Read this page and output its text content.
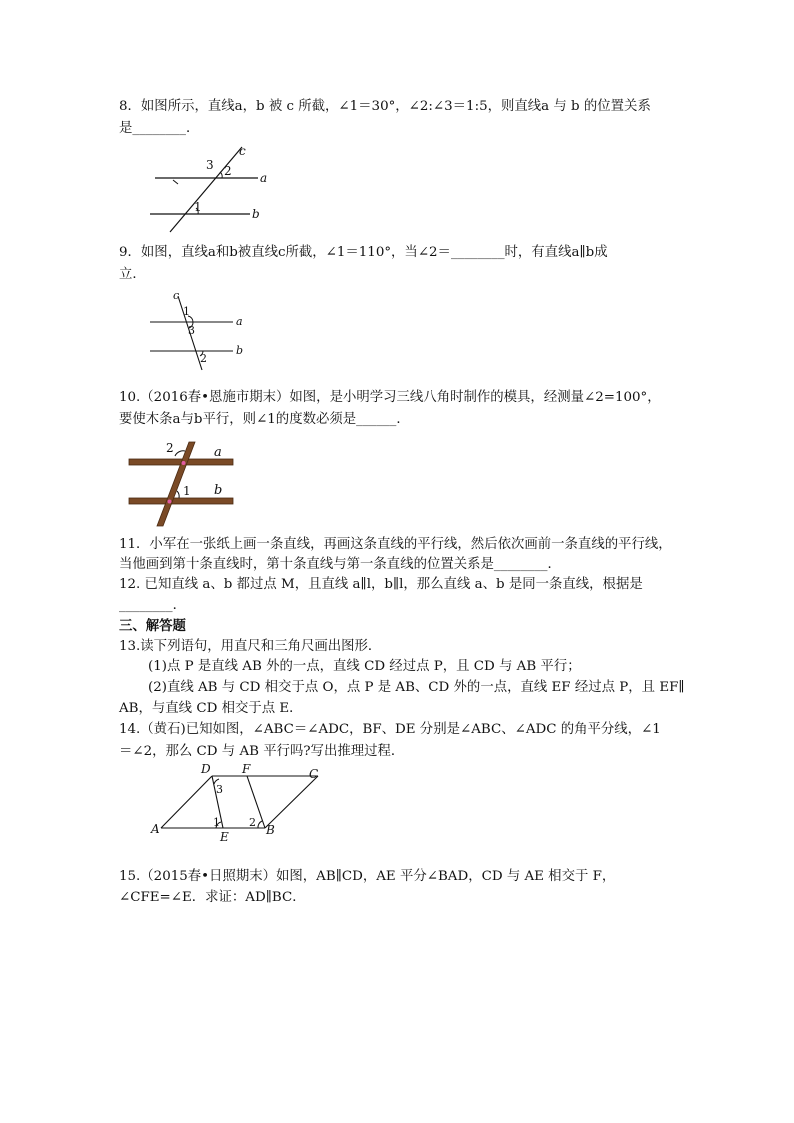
8．如图所示，直线a，b 被 c 所截，∠1＝30°，∠2:∠3＝1:5，则直线a 与 b 的位置关系
是________．
c
a
b
3 2
1
9．如图，直线a和b被直线c所截，∠1＝110°，当∠2＝________时，有直线a∥b成
立．
c
a
b
1
3
2
10.（2016春•恩施市期末）如图，是小明学习三线八角时制作的模具，经测量∠2=100°，
要使木条a与b平行，则∠1的度数必须是______．
2	a
1 b
11．小军在一张纸上画一条直线，再画这条直线的平行线，然后依次画前一条直线的平行线，
当他画到第十条直线时，第十条直线与第一条直线的位置关系是________．
12. 已知直线 a、b 都过点 M，且直线 a∥l，b∥l，那么直线 a、b 是同一条直线，根据是
________．
三、解答题
13.读下列语句，用直尺和三角尺画出图形．
(1)点 P 是直线 AB 外的一点，直线 CD 经过点 P，且 CD 与 AB 平行；
(2)直线 AB 与 CD 相交于点 O，点 P 是 AB、CD 外的一点，直线 EF 经过点 P，且 EF∥
AB，与直线 CD 相交于点 E．
14.（黄石)已知如图，∠ABC＝∠ADC，BF、DE 分别是∠ABC、∠ADC 的角平分线，∠1
＝∠2，那么 CD 与 AB 平行吗?写出推理过程．
D	F	C
3
A	1
E
2
B
15.（2015春•日照期末）如图，AB∥CD，AE 平分∠BAD，CD 与 AE 相交于 F，
∠CFE=∠E．求证：AD∥BC．
